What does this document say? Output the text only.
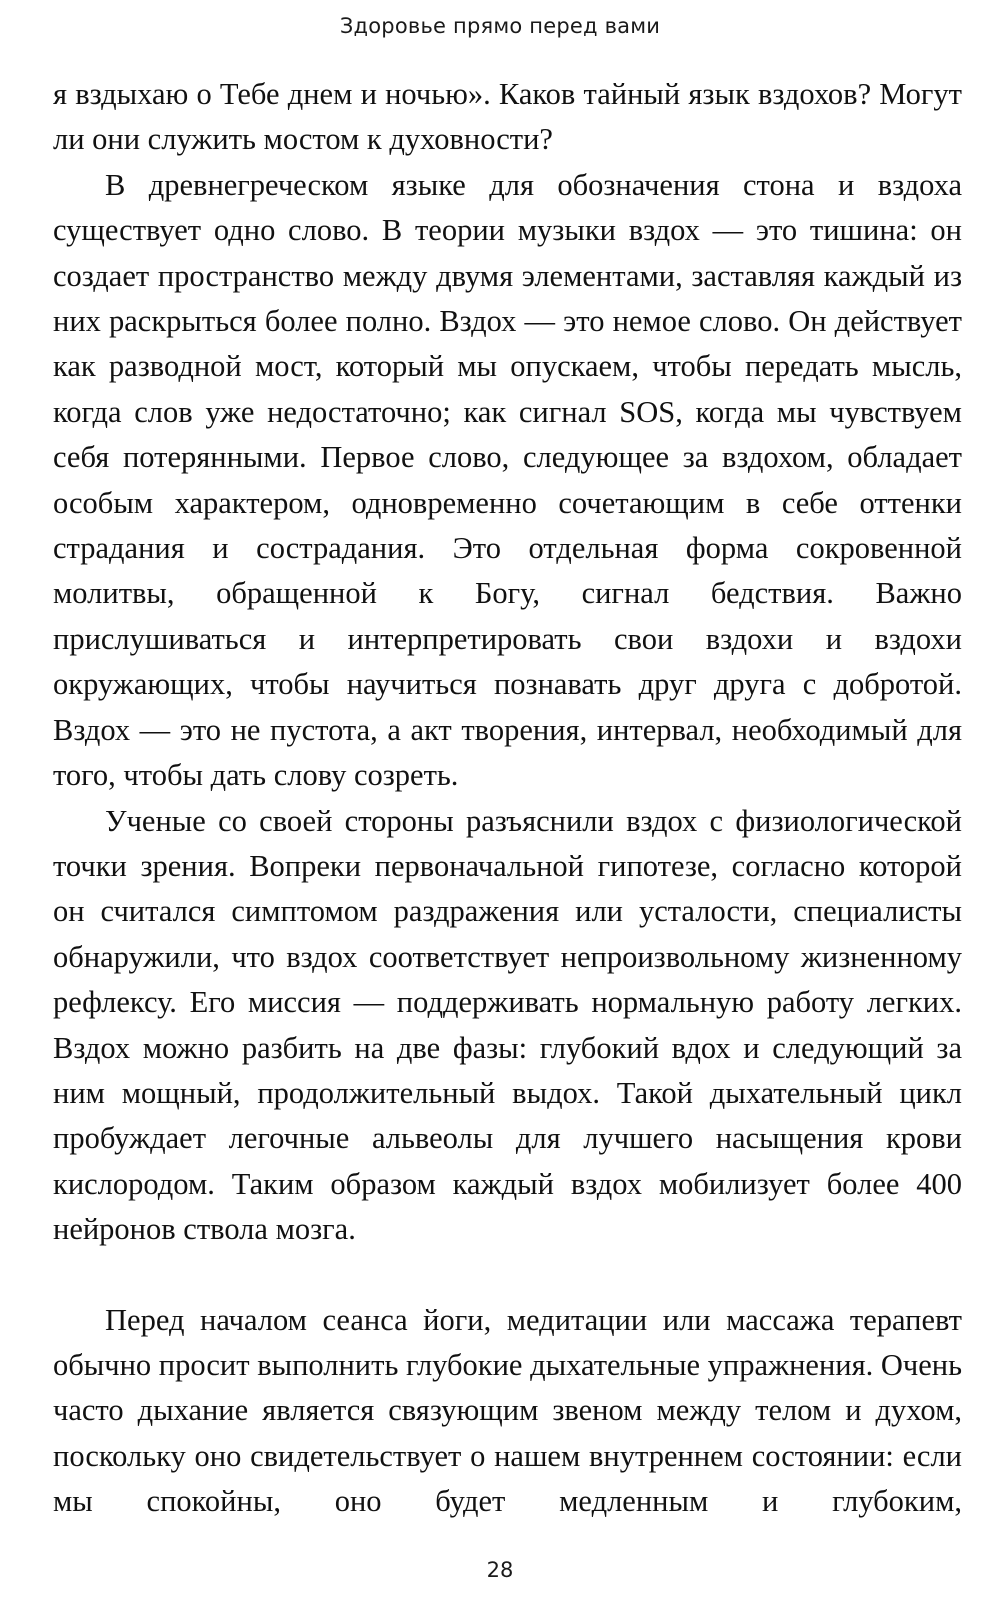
Здоровье прямо перед вами

я вздыхаю о Тебе днем и ночью». Каков тайный язык вздохов? Могут ли они служить мостом к духовности?

В древнегреческом языке для обозначения стона и вздоха существует одно слово. В теории музыки вздох — это тишина: он создает пространство между двумя элементами, заставляя каждый из них раскрыться более полно. Вздох — это немое слово. Он действует как разводной мост, который мы опускаем, чтобы передать мысль, когда слов уже недостаточно; как сигнал SOS, когда мы чувствуем себя потерянными. Первое слово, следующее за вздохом, обладает особым характером, одновременно сочетающим в себе оттенки страдания и сострадания. Это отдельная форма сокровенной молитвы, обращенной к Богу, сигнал бедствия. Важно прислушиваться и интерпретировать свои вздохи и вздохи окружающих, чтобы научиться познавать друг друга с добротой. Вздох — это не пустота, а акт творения, интервал, необходимый для того, чтобы дать слову созреть.

Ученые со своей стороны разъяснили вздох с физиологической точки зрения. Вопреки первоначальной гипотезе, согласно которой он считался симптомом раздражения или усталости, специалисты обнаружили, что вздох соответствует непроизвольному жизненному рефлексу. Его миссия — поддерживать нормальную работу легких. Вздох можно разбить на две фазы: глубокий вдох и следующий за ним мощный, продолжительный выдох. Такой дыхательный цикл пробуждает легочные альвеолы для лучшего насыщения крови кислородом. Таким образом каждый вздох мобилизует более 400 нейронов ствола мозга.

Перед началом сеанса йоги, медитации или массажа терапевт обычно просит выполнить глубокие дыхательные упражнения. Очень часто дыхание является связующим звеном между телом и духом, поскольку оно свидетельствует о нашем внутреннем состоянии: если мы спокойны, оно будет медленным и глубоким,

28
